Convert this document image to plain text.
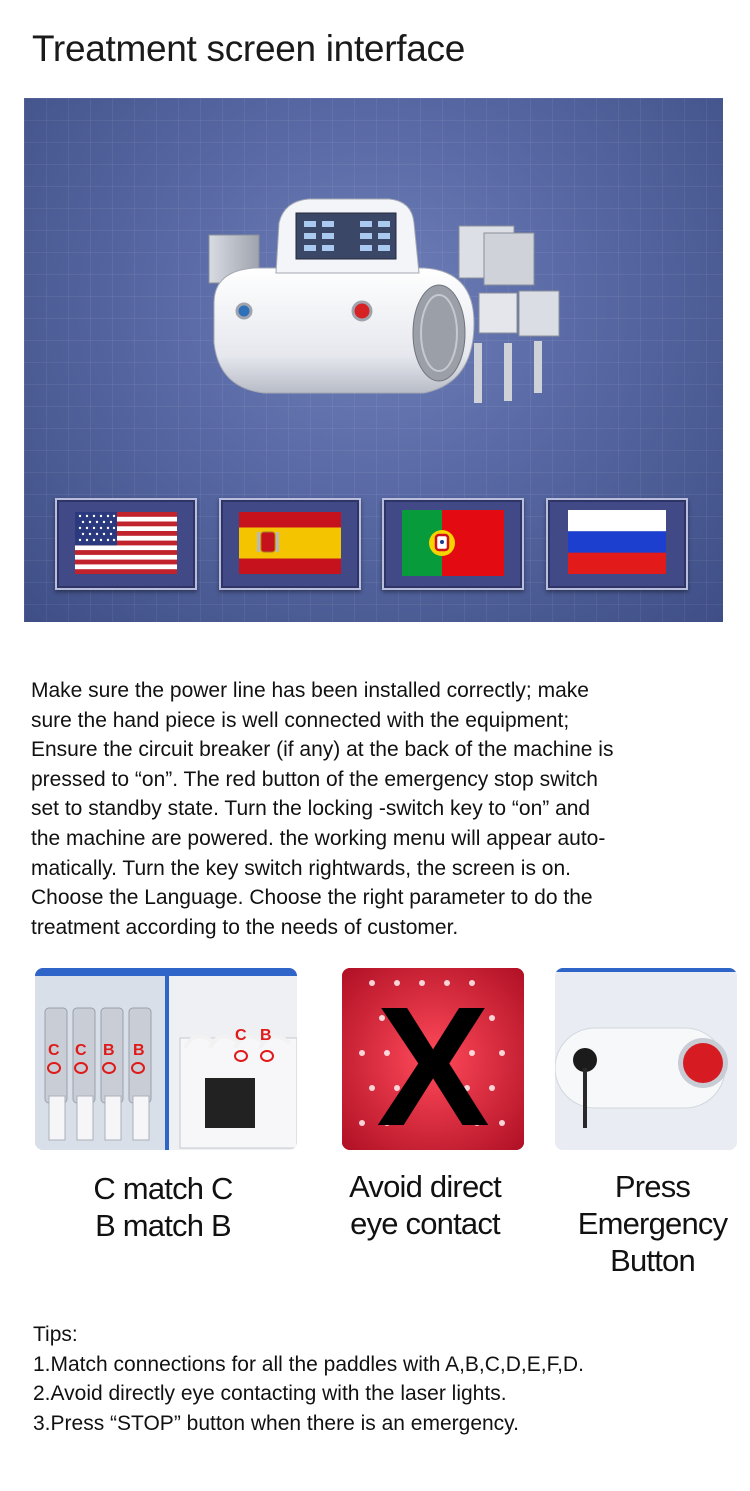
Treatment screen interface
Make sure the power line has been installed correctly; make
sure the hand piece is well connected with the equipment;
Ensure the circuit breaker (if any) at the back of the machine is
pressed to “on”. The red button of the emergency stop switch
set to standby state. Turn the locking -switch key to “on” and
the machine are powered. the working menu will appear auto-
matically. Turn the key switch rightwards, the screen is on.
Choose the Language. Choose the right parameter to do the
treatment according to the needs of customer.
C C B B
C B X
C match C
B match B
Avoid direct
eye contact
Press
Emergency
Button
Tips:
1.Match connections for all the paddles with A,B,C,D,E,F,D.
2.Avoid directly eye contacting with the laser lights.
3.Press “STOP” button when there is an emergency.
